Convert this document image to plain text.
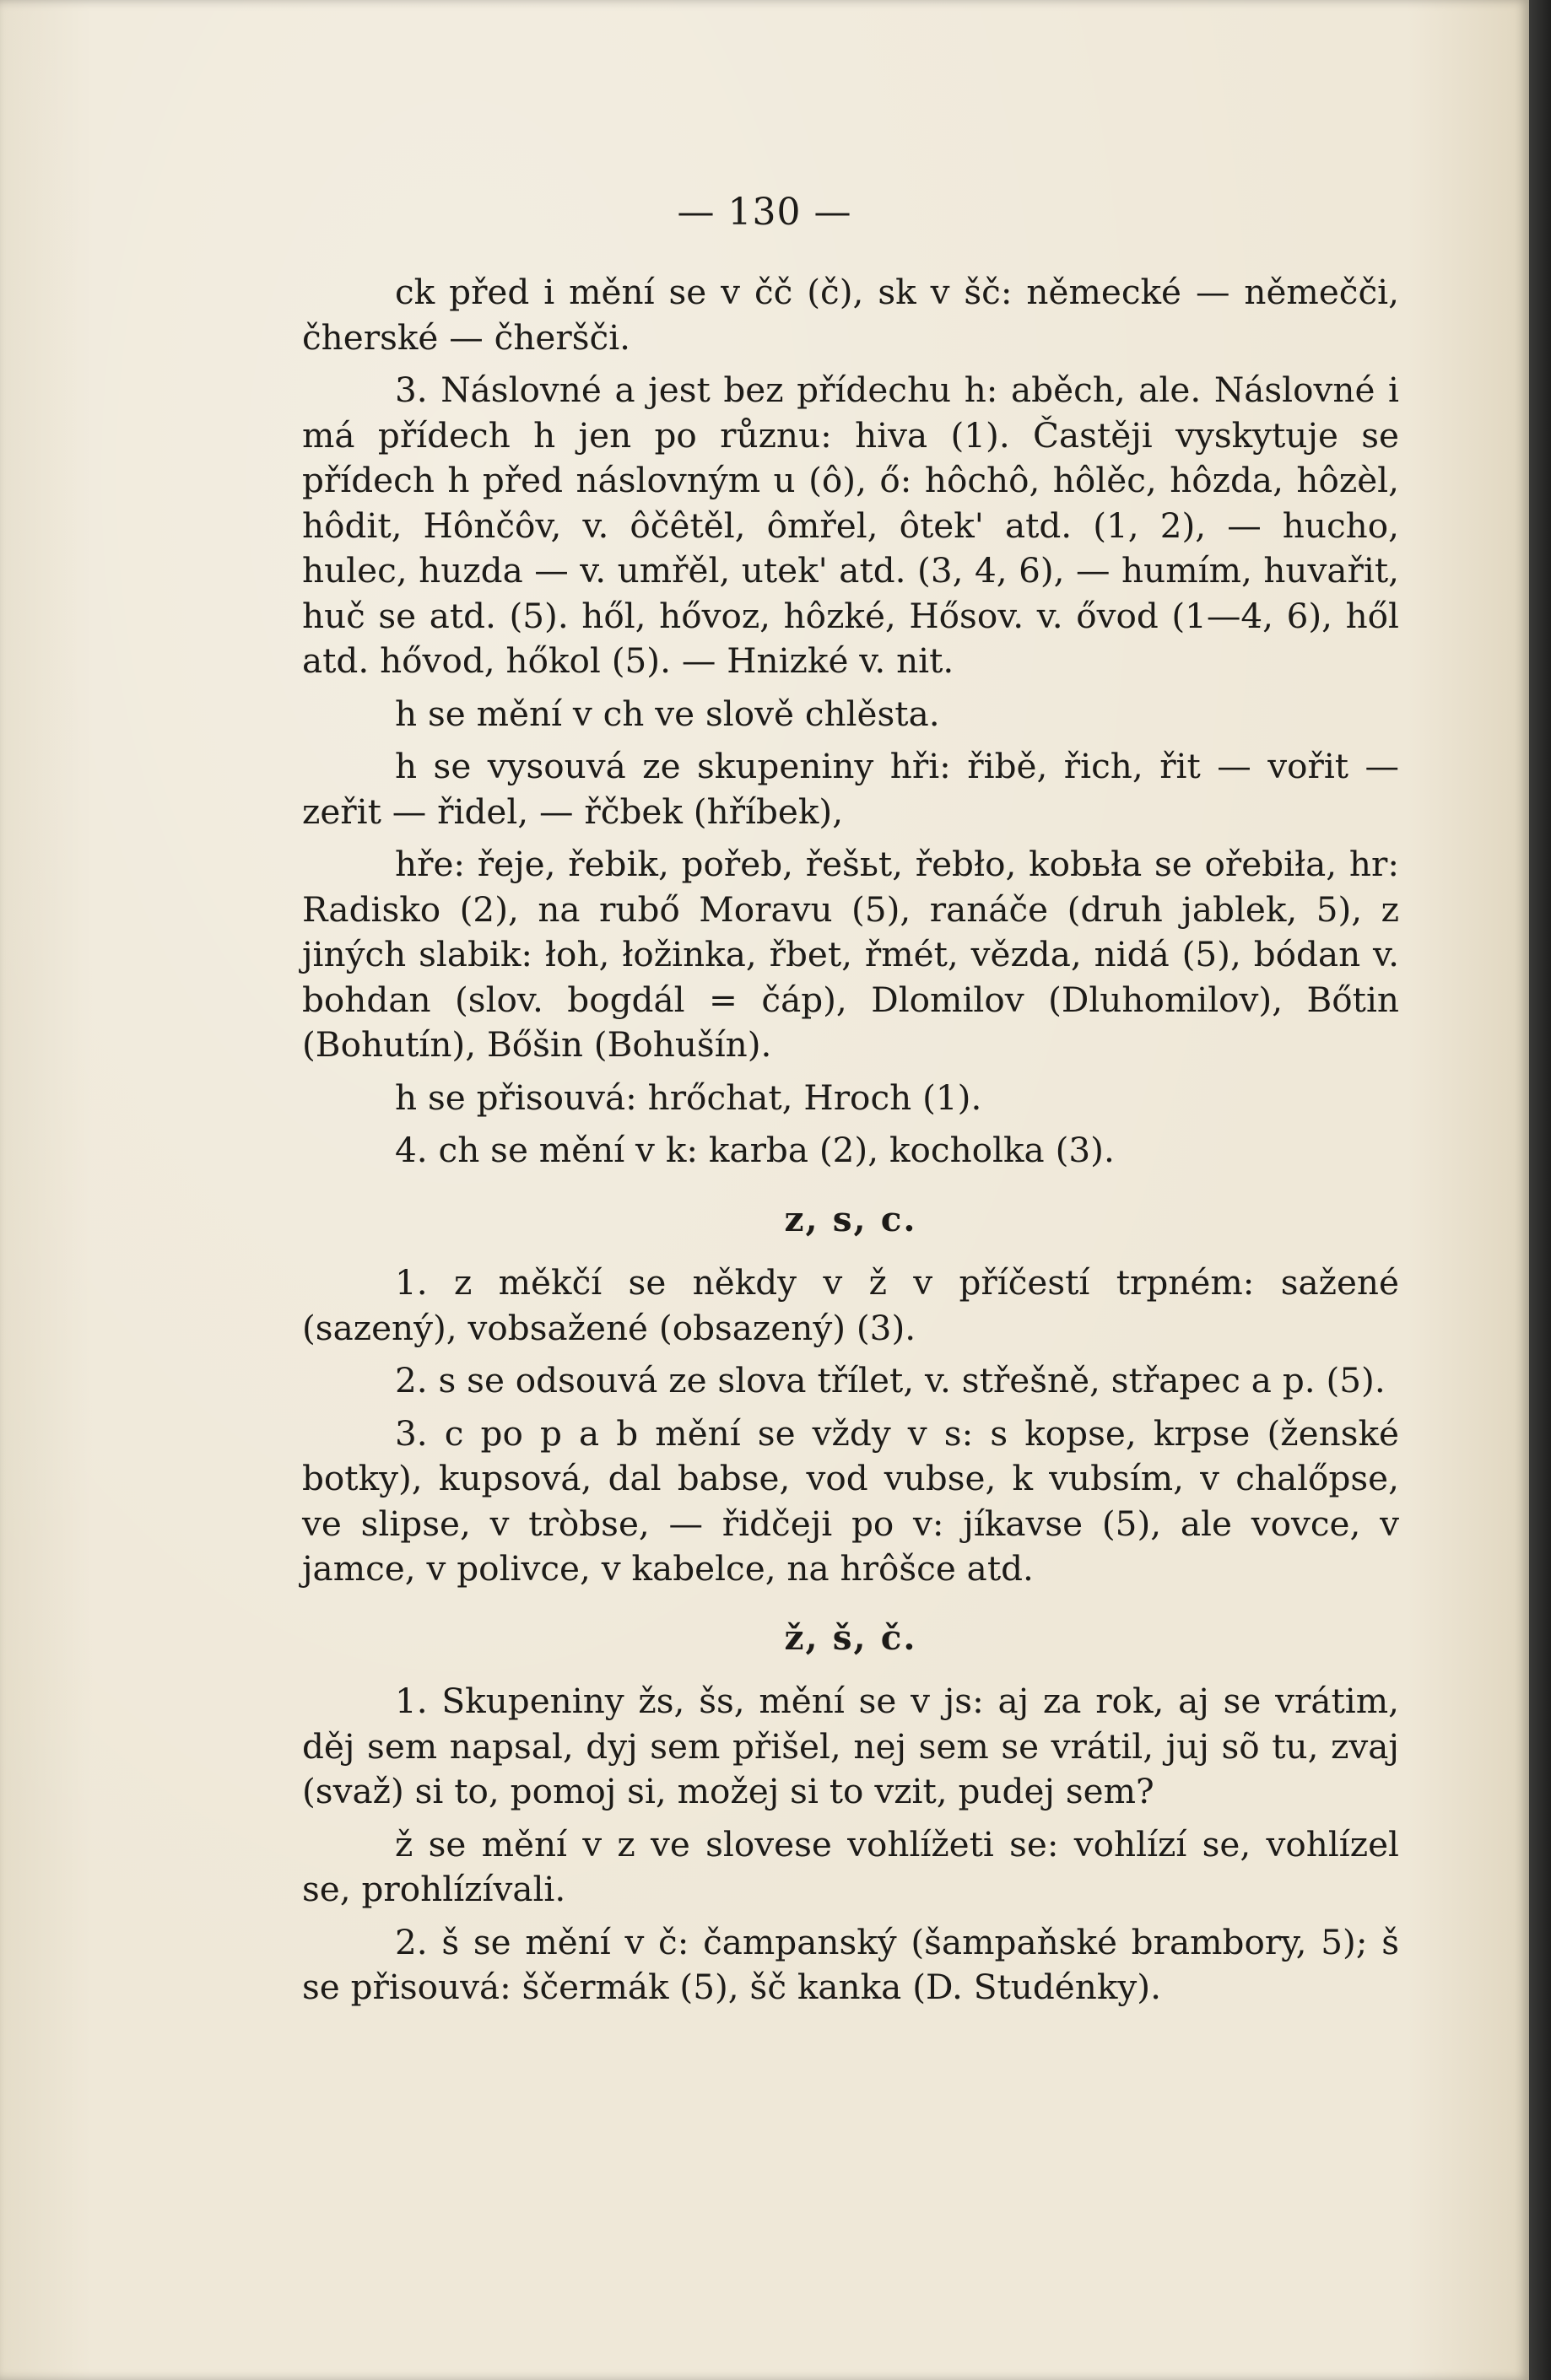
— 130 —

ck před i mění se v čč (č), sk v šč: německé — němečči, čherské — čheršči.

3. Náslovné a jest bez přídechu h: aběch, ale. Náslovné i má přídech h jen po různu: hiva (1). Častěji vyskytuje se přídech h před náslovným u (ô), ő: hôchô, hôlěc, hôzda, hôzèl, hôdit, Hônčôv, v. ôčêtěl, ômřel, ôtek' atd. (1, 2), — hucho, hulec, huzda — v. umřěl, utek' atd. (3, 4, 6), — humím, huvařit, huč se atd. (5). hől, hővoz, hôzké, Hősov. v. ővod (1—4, 6), hől atd. hővod, hőkol (5). — Hnizké v. nit.

h se mění v ch ve slově chlěsta.

h se vysouvá ze skupeniny hři: řibě, řich, řit — vořit — zeřit — řidel, — řčbek (hříbek),

hře: řeje, řebik, pořeb, řešьt, řebło, kobьła se ořebiła, hr: Radisko (2), na rubő Moravu (5), ranáče (druh jablek, 5), z jiných slabik: łoh, łožinka, řbet, řmét, vězda, nidá (5), bódan v. bohdan (slov. bogdál = čáp), Dlomilov (Dluhomilov), Bőtin (Bohutín), Bőšin (Bohušín).

h se přisouvá: hrőchat, Hroch (1).

4. ch se mění v k: karba (2), kocholka (3).

z, s, c.

1. z měkčí se někdy v ž v příčestí trpném: sažené (sazený), vobsažené (obsazený) (3).

2. s se odsouvá ze slova třílet, v. střešně, střapec a p. (5).

3. c po p a b mění se vždy v s: s kopse, krpse (ženské botky), kupsová, dal babse, vod vubse, k vubsím, v chalőpse, ve slipse, v tròbse, — řidčeji po v: jíkavse (5), ale vovce, v jamce, v polivce, v kabelce, na hrôšce atd.

ž, š, č.

1. Skupeniny žs, šs, mění se v js: aj za rok, aj se vrátim, děj sem napsal, dyj sem přišel, nej sem se vrátil, juj sõ tu, zvaj (svaž) si to, pomoj si, možej si to vzit, pudej sem?

ž se mění v z ve slovese vohlížeti se: vohlízí se, vohlízel se, prohlízívali.

2. š se mění v č: čampanský (šampaňské brambory, 5); š se přisouvá: ščermák (5), šč kanka (D. Studénky).
